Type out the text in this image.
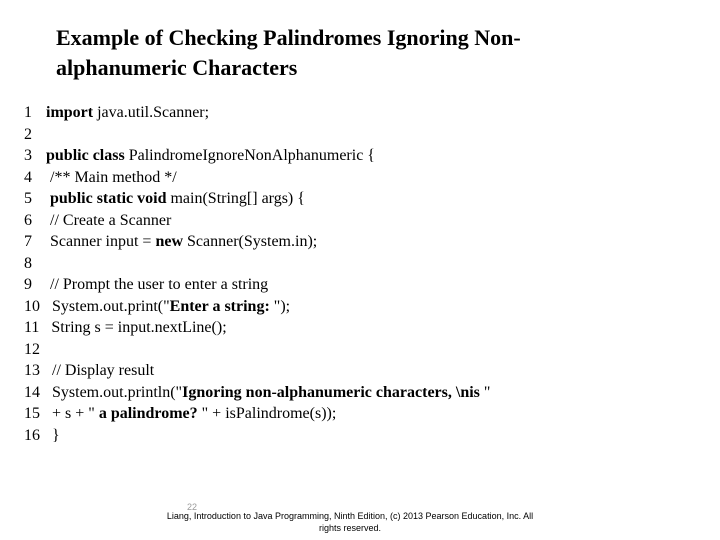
Example of Checking Palindromes Ignoring Non-
alphanumeric Characters
1 import java.util.Scanner;
2
3 public class PalindromeIgnoreNonAlphanumeric {
4 /** Main method */
5 public static void main(String[] args) {
6 // Create a Scanner
7 Scanner input = new Scanner(System.in);
8
9 // Prompt the user to enter a string
10 System.out.print("Enter a string: ");
11 String s = input.nextLine();
12
13 // Display result
14 System.out.println("Ignoring non-alphanumeric characters, \nis "
15 + s + " a palindrome? " + isPalindrome(s));
16 }
22
Liang, Introduction to Java Programming, Ninth Edition, (c) 2013 Pearson Education, Inc. All
rights reserved.
